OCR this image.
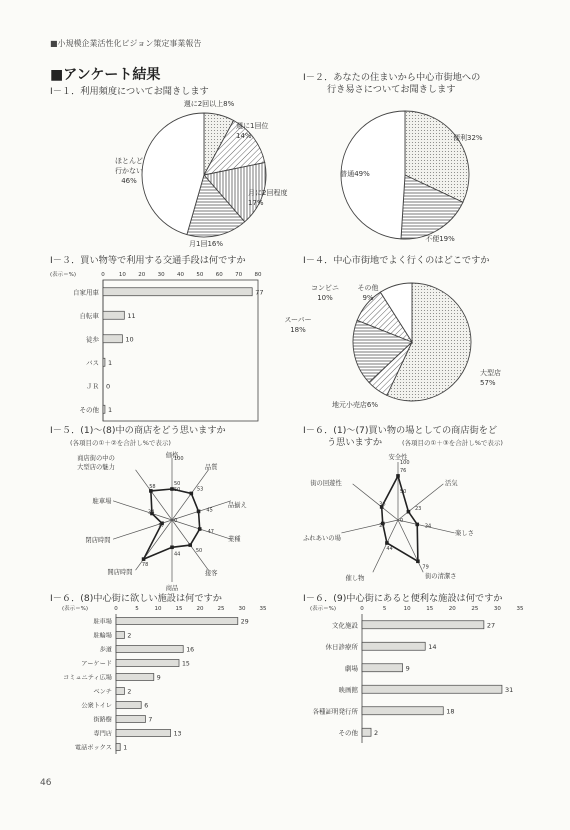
■小規模企業活性化ビジョン策定事業報告
■アンケート結果
Ⅰ－１．利用頻度についてお聞きします
Ⅰ－２．あなたの住まいから中心市街地への
行き易さについてお聞きします
Ⅰ－３．買い物等で利用する交通手段は何ですか	Ⅰ－４．中心市街地でよく行くのはどこですか
Ⅰ－５．(1)～(8)中の商店をどう思いますか
(各項目の①＋②を合計し%で表示)
Ⅰ－６．(1)～(7)買い物の場としての商店街をど
う思いますか	(各項目の①＋③を合計し%で表示)
Ⅰ－６．(8)中心街に欲しい施設は何ですか	Ⅰ－６．(9)中心街にあると便利な施設は何ですか
週に2回以上8%
週に1回位
14%
月に2回程度
17%
月1回16%
ほとんど
行かない
46%
便利32%
不便19%
普通49%
(表示＝%)	0	10 20 30 40 50 60 70 80
自家用車	77
自転車	11
徒歩	10
バス 1
ＪＲ 0
その他 1
大型店
57%
地元小売店6%
スーパー
18%
コンビニ
10%
その他
9%
100
50
0
50
53
45
47
50
44
78
17
34
58
価格
品質
品揃え
業種
接客
商品
開店時間
閉店時間
駐車場
商店街の中の
大型店の魅力
100
50
0
76
23
34
79
44
27
36
安全性
活気
楽しさ
街の清潔さ
催し物
ふれあいの場
街の回遊性
(表示＝%)	0	5	10	15	20	25	30	35
駐車場	29
駐輪場 2
歩道	16
アーケード	15
コミュニティ広場	9
ベンチ 2
公衆トイレ	6
街路樹	7
専門店	13
電話ボックス 1
(表示＝%)	0	5	10	15	20	25	30	35
文化施設	27
休日診療所	14
劇場	9
映画館	31
各種証明発行所	18
その他 2
46
